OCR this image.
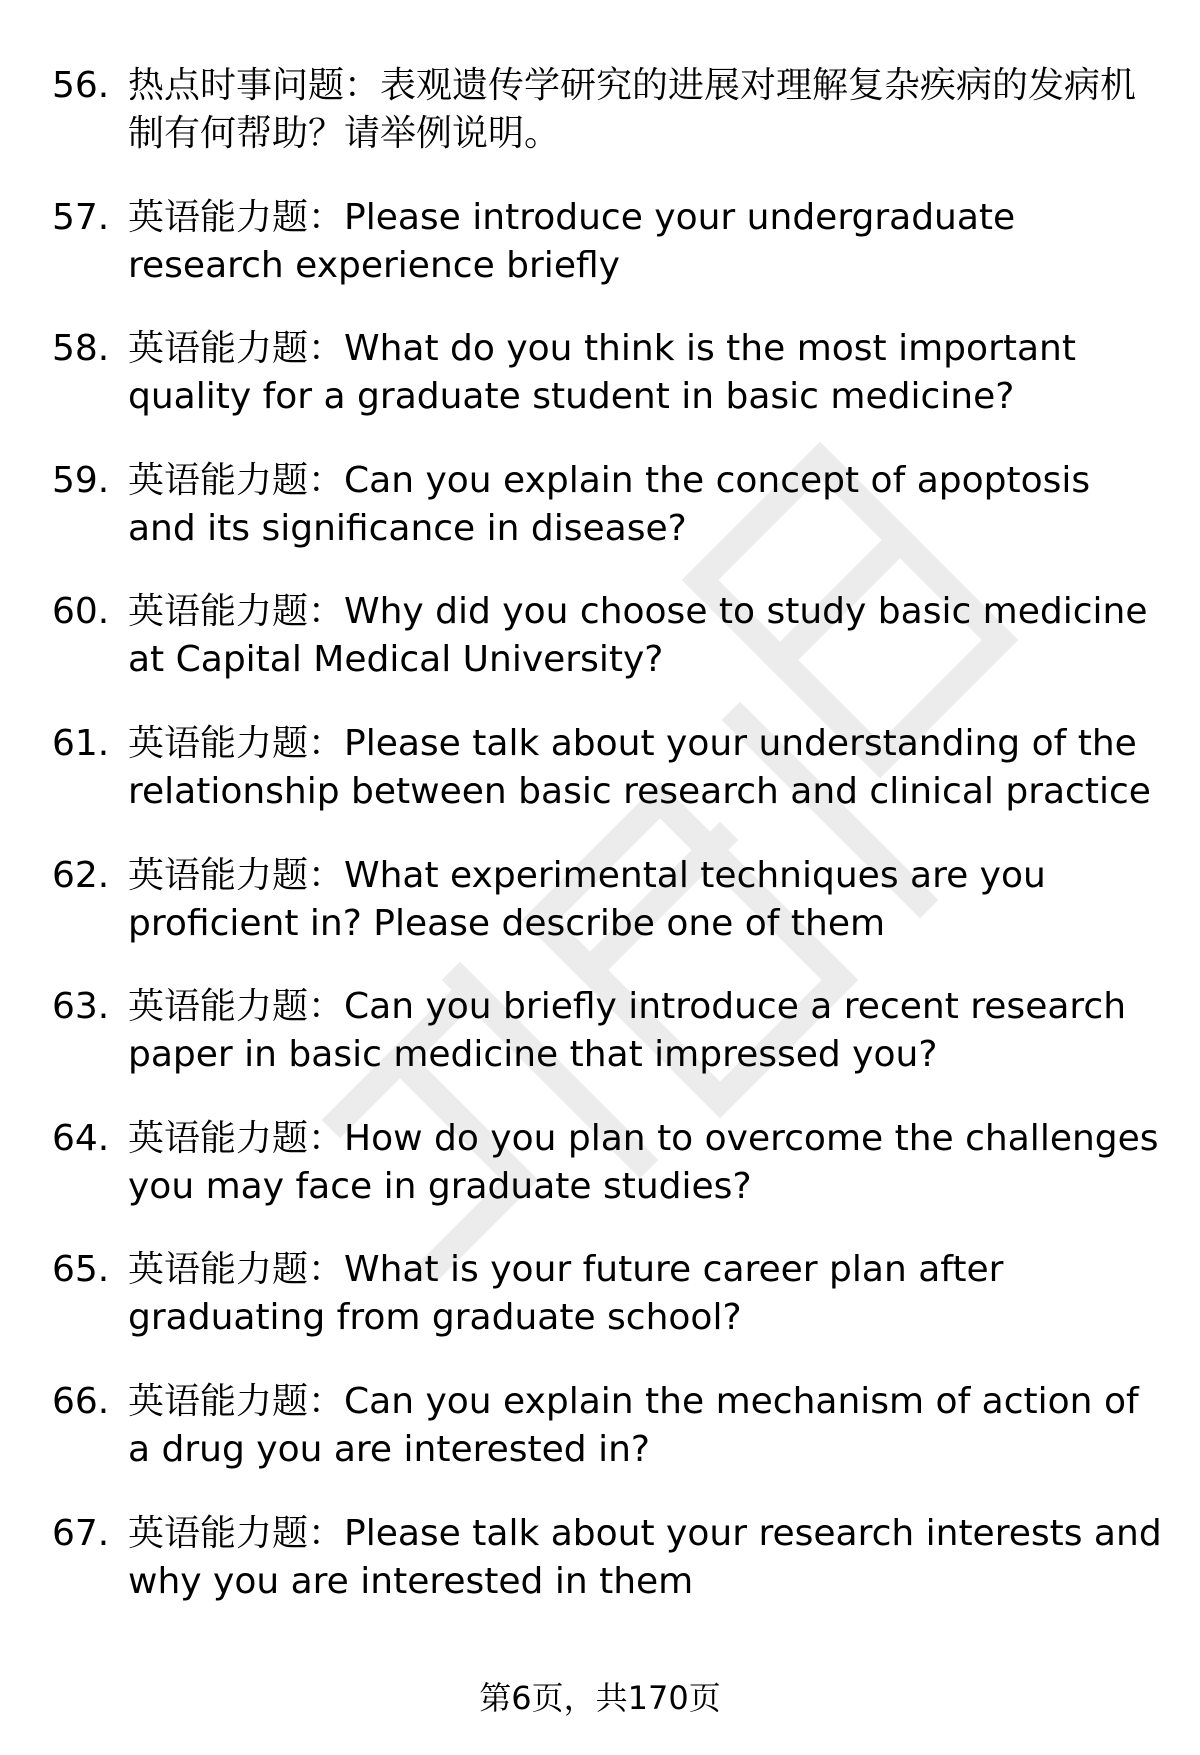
56. 热点时事问题：表观遗传学研究的进展对理解复杂疾病的发病机制有何帮助？请举例说明。
57. 英语能力题：Please introduce your undergraduate research experience briefly
58. 英语能力题：What do you think is the most important quality for a graduate student in basic medicine?
59. 英语能力题：Can you explain the concept of apoptosis and its significance in disease?
60. 英语能力题：Why did you choose to study basic medicine at Capital Medical University?
61. 英语能力题：Please talk about your understanding of the relationship between basic research and clinical practice
62. 英语能力题：What experimental techniques are you proficient in? Please describe one of them
63. 英语能力题：Can you briefly introduce a recent research paper in basic medicine that impressed you?
64. 英语能力题：How do you plan to overcome the challenges you may face in graduate studies?
65. 英语能力题：What is your future career plan after graduating from graduate school?
66. 英语能力题：Can you explain the mechanism of action of a drug you are interested in?
67. 英语能力题：Please talk about your research interests and why you are interested in them
第6页，共170页
